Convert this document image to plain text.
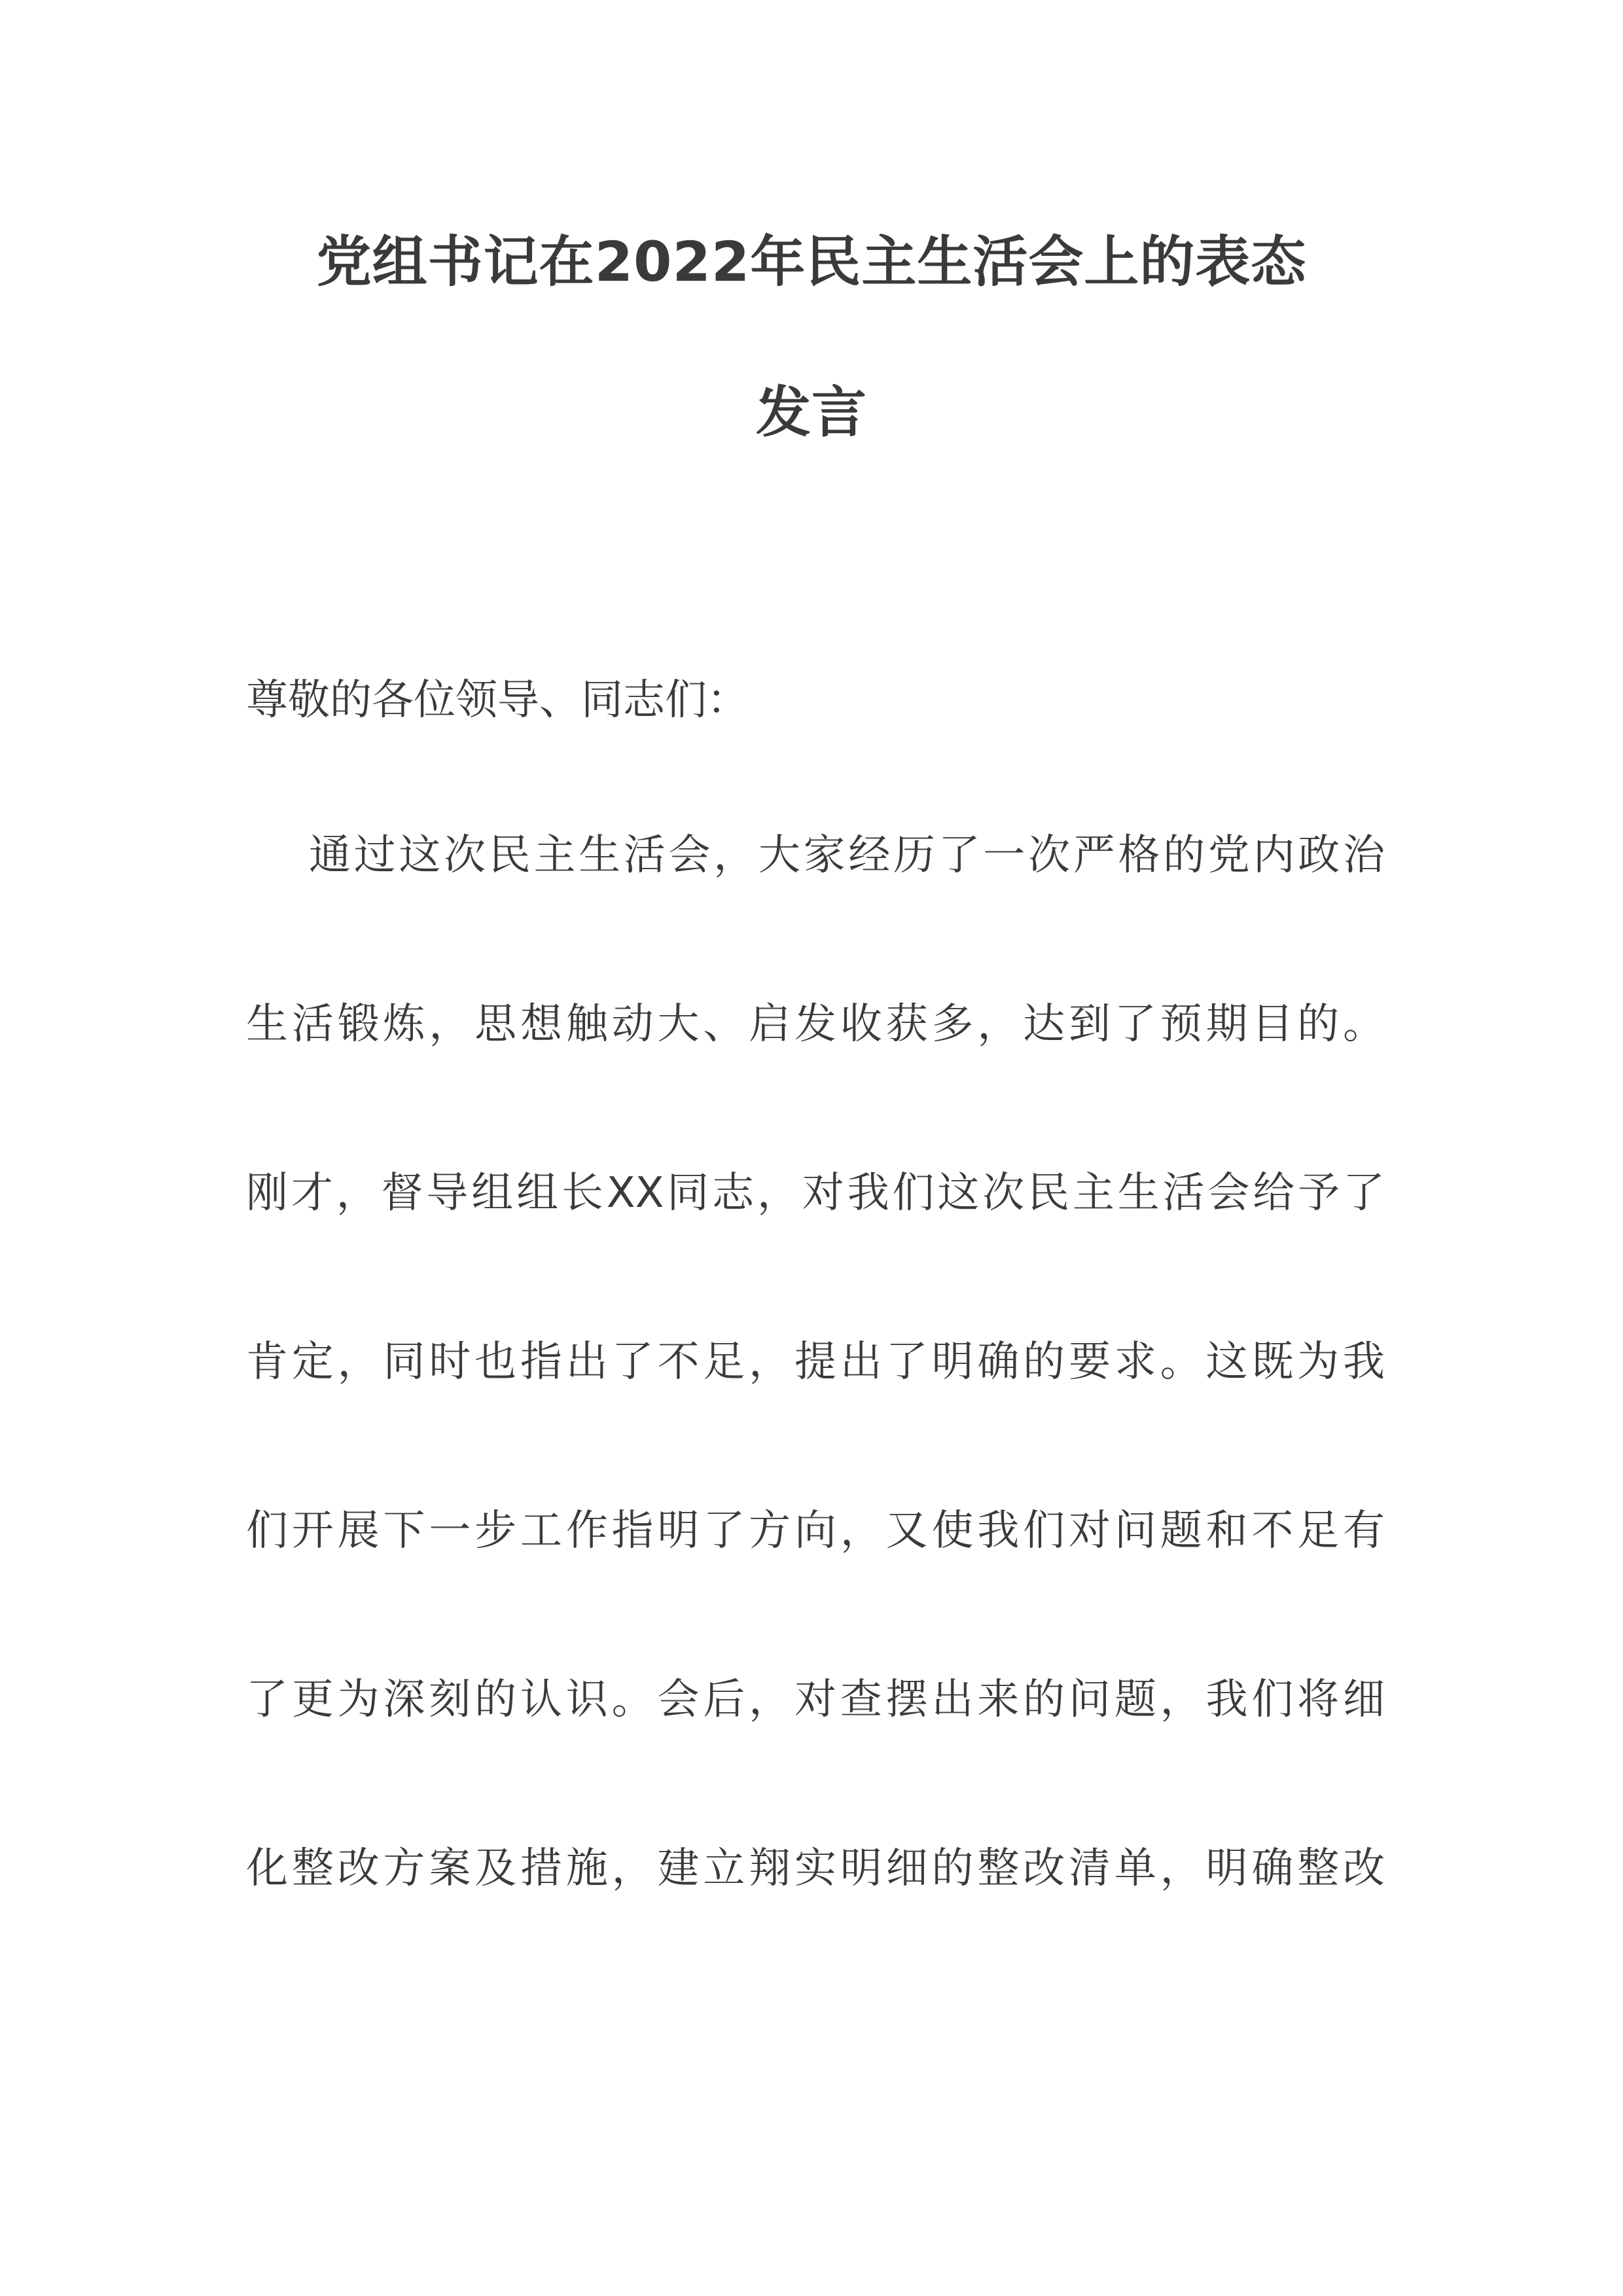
党组书记在2022年民主生活会上的表态
发言
尊敬的各位领导、同志们：
通过这次民主生活会，大家经历了一次严格的党内政治
生活锻炼，思想触动大、启发收获多，达到了预期目的。
刚才，督导组组长XX同志，对我们这次民主生活会给予了
肯定，同时也指出了不足，提出了明确的要求。这既为我
们开展下一步工作指明了方向，又使我们对问题和不足有
了更为深刻的认识。会后，对查摆出来的问题，我们将细
化整改方案及措施，建立翔实明细的整改清单，明确整改
